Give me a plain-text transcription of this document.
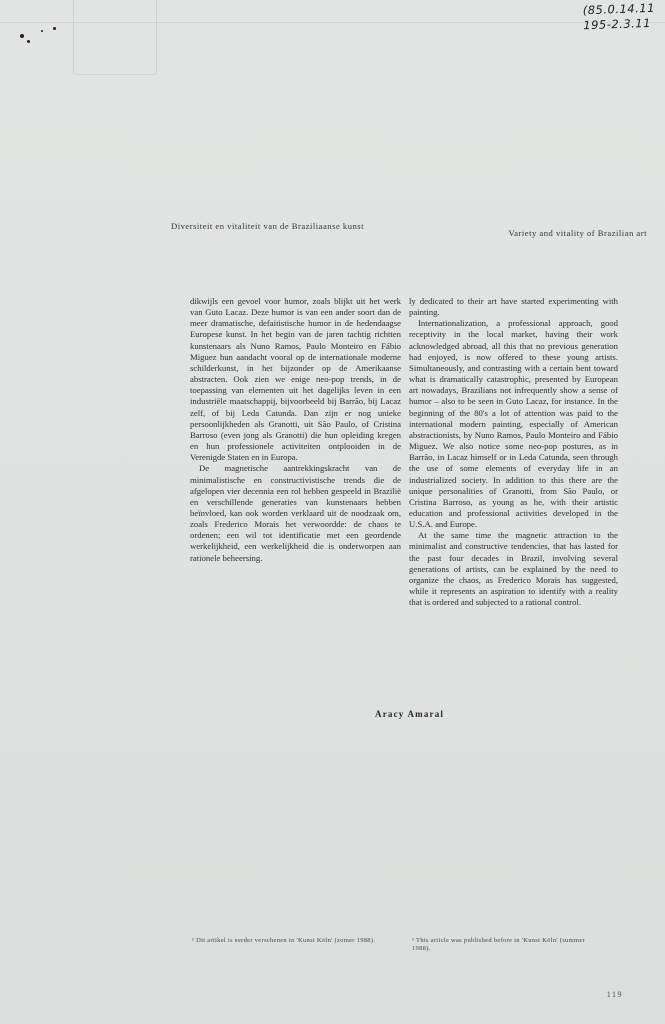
(85.0.14.11
195-2.3.11
Diversiteit en vitaliteit van de Braziliaanse kunst
Variety and vitality of Brazilian art

dikwijls een gevoel voor humor, zoals blijkt uit het werk van Guto Lacaz. Deze humor is van een ander soort dan de meer dramatische, defaitistische humor in de hedendaagse Europese kunst. In het begin van de jaren tachtig richtten kunstenaars als Nuno Ramos, Paulo Monteiro en Fábio Miguez hun aandacht vooral op de internationale moderne schilderkunst, in het bijzonder op de Amerikaanse abstracten. Ook zien we enige neo-pop trends, in de toepassing van elementen uit het dagelijks leven in een industriële maatschappij, bijvoorbeeld bij Barrão, bij Lacaz zelf, of bij Leda Catunda. Dan zijn er nog unieke persoonlijkheden als Granotti, uit São Paulo, of Cristina Barroso (even jong als Granotti) die hun opleiding kregen en hun professionele activiteiten ontplooiden in de Verenigde Staten en in Europa.

De magnetische aantrekkingskracht van de minimalistische en constructivistische trends die de afgelopen vier decennia een rol hebben gespeeld in Brazilië en verschillende generaties van kunstenaars hebben beïnvloed, kan ook worden verklaard uit de noodzaak om, zoals Frederico Morais het verwoordde: de chaos te ordenen; een wil tot identificatie met een geordende werkelijkheid, een werkelijkheid die is onderworpen aan rationele beheersing.

ly dedicated to their art have started experimenting with painting.

Internationalization, a professional approach, good receptivity in the local market, having their work acknowledged abroad, all this that no previous generation had enjoyed, is now offered to these young artists. Simultaneously, and contrasting with a certain bent toward what is dramatically catastrophic, presented by European art nowadays, Brazilians not infrequently show a sense of humor – also to be seen in Guto Lacaz, for instance. In the beginning of the 80's a lot of attention was paid to the international modern painting, especially of American abstractionists, by Nuno Ramos, Paulo Monteiro and Fábio Miguez. We also notice some neo-pop postures, as in Barrão, in Lacaz himself or in Leda Catunda, seen through the use of some elements of everyday life in an industrialized society. In addition to this there are the unique personalities of Granotti, from São Paulo, or Cristina Barroso, as young as he, with their artistic education and professional activities developed in the U.S.A. and Europe.

At the same time the magnetic attraction to the minimalist and constructive tendencies, that has lasted for the past four decades in Brazil, involving several generations of artists, can be explained by the need to organize the chaos, as Frederico Morais has suggested, while it represents an aspiration to identify with a reality that is ordered and subjected to a rational control.

Aracy Amaral
¹ Dit artikel is eerder verschenen in 'Kunst Köln' (zomer 1988).	¹ This article was published before in 'Kunst Köln' (summer 1988).
119
